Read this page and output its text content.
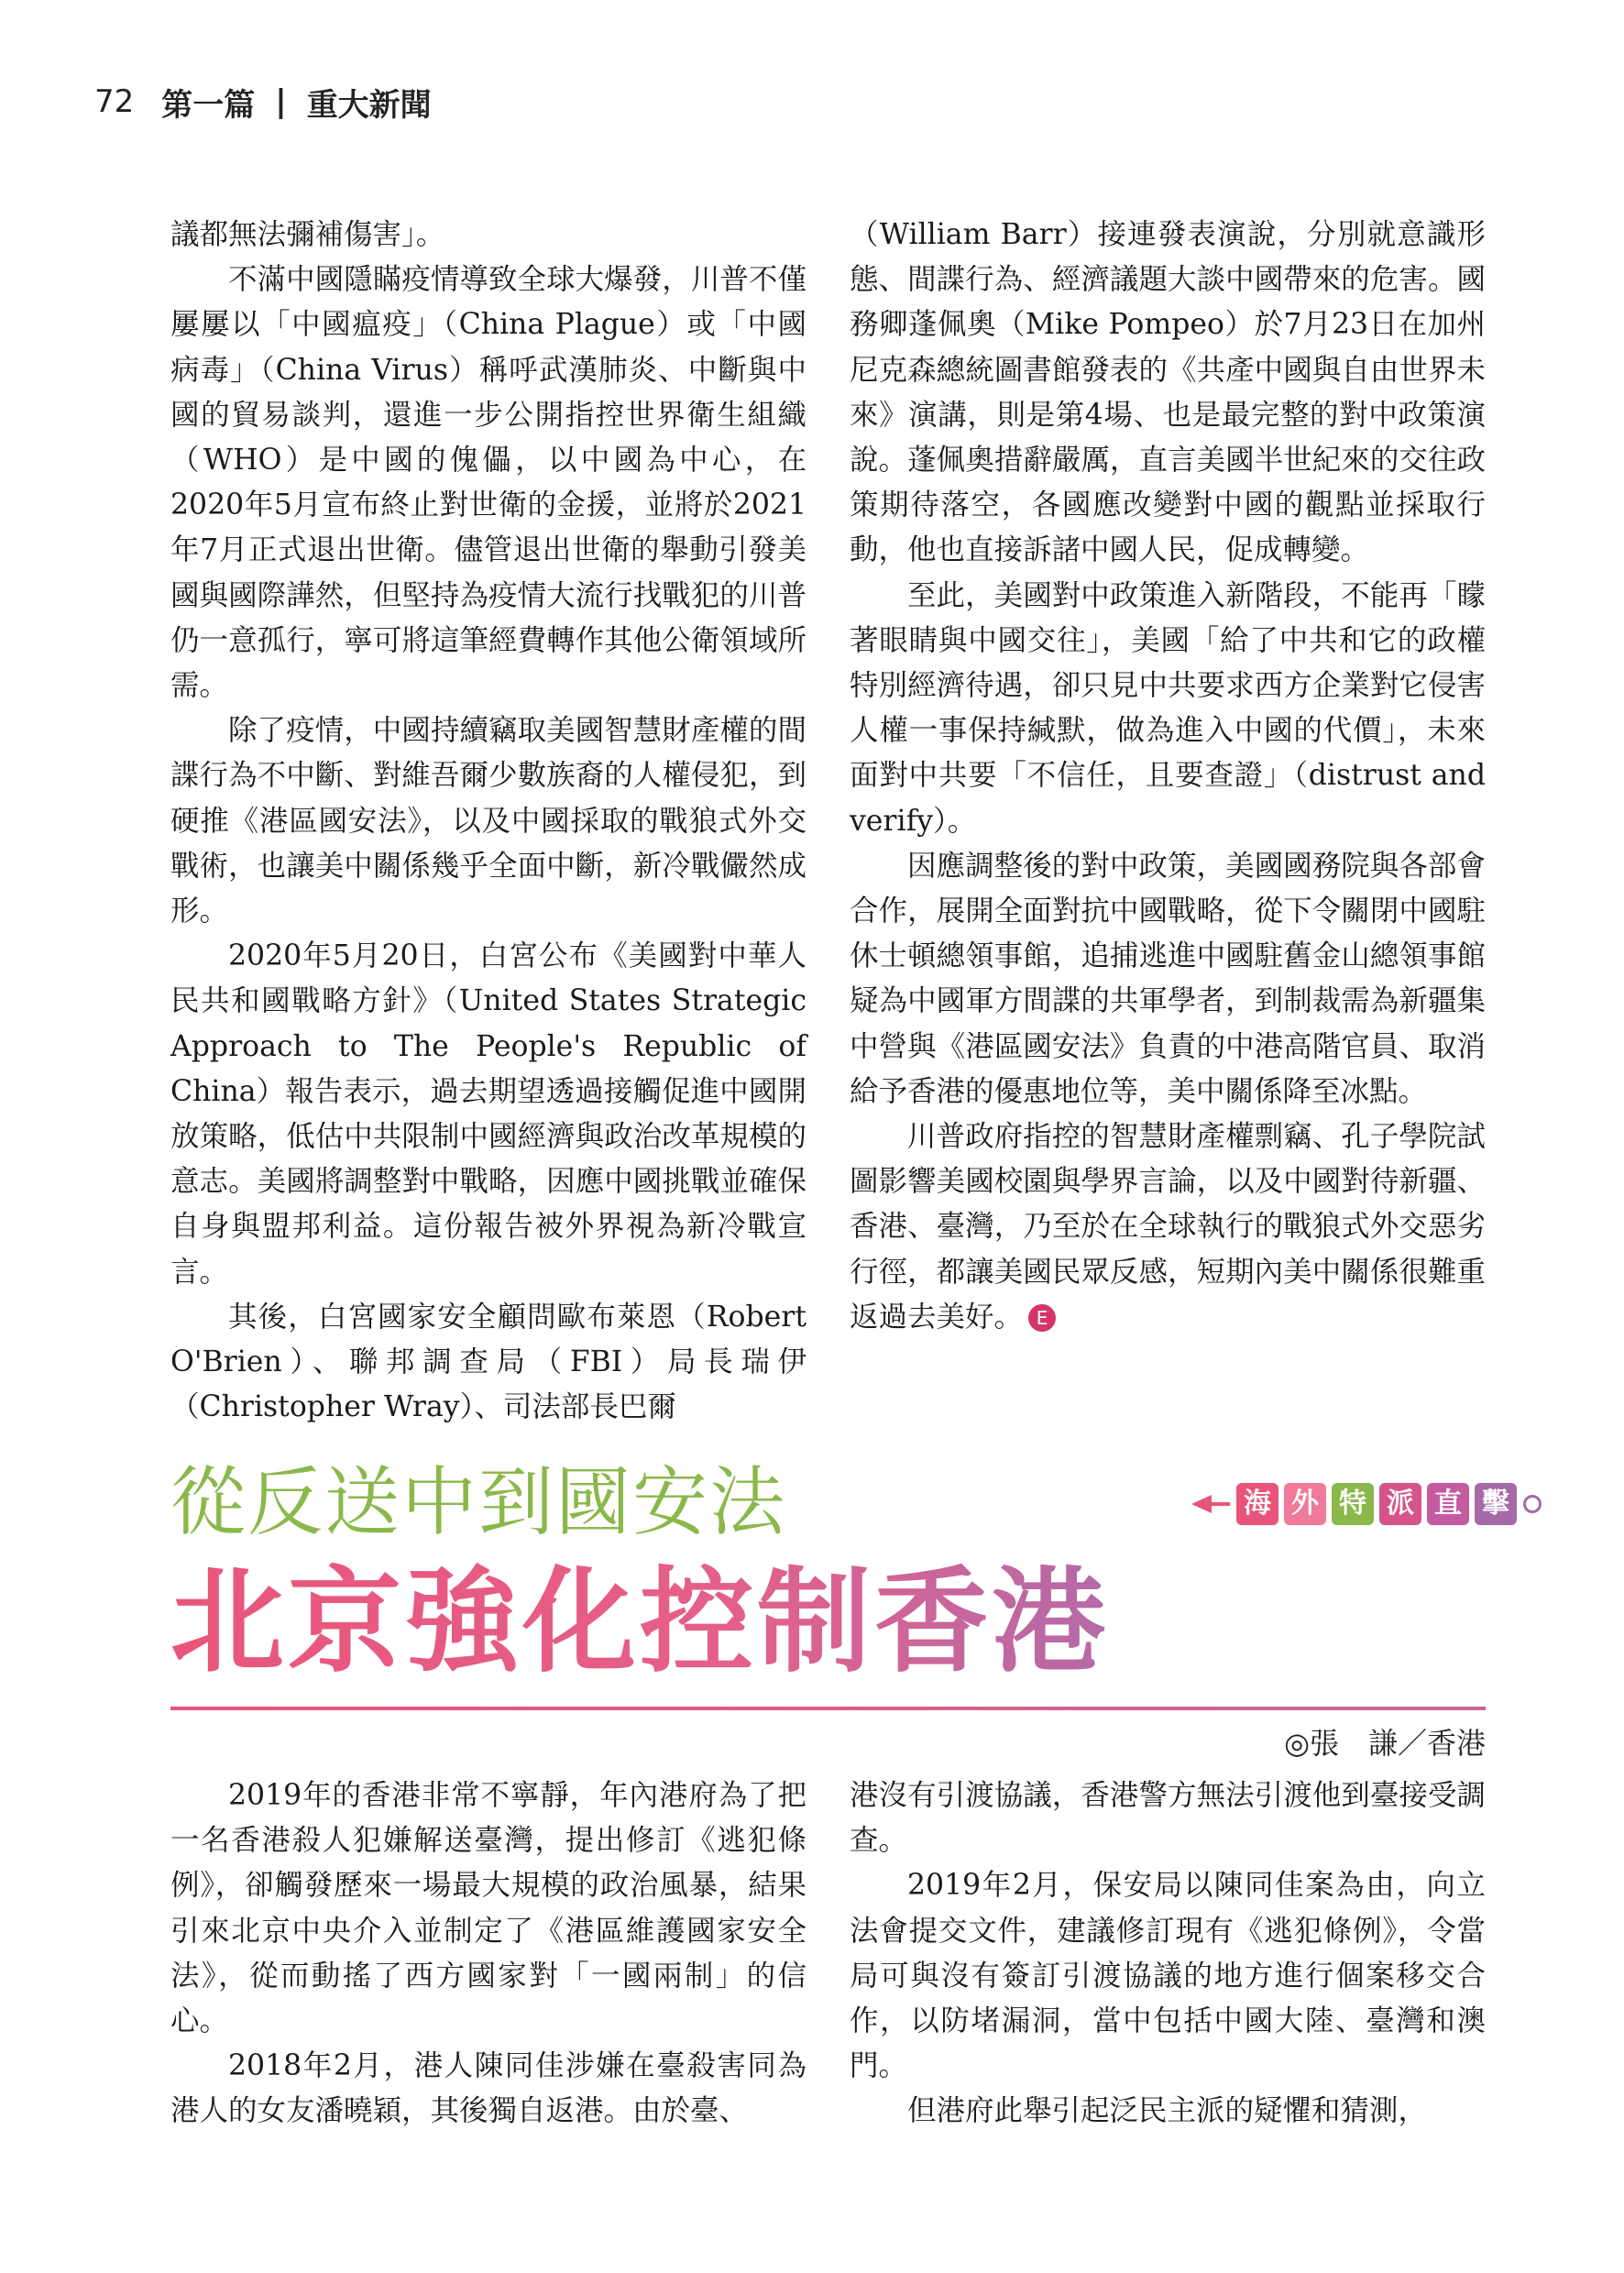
72 第一篇 | 重大新聞

議都無法彌補傷害」。

不滿中國隱瞞疫情導致全球大爆發，川普不僅屢屢以「中國瘟疫」（China Plague）或「中國病毒」（China Virus）稱呼武漢肺炎、中斷與中國的貿易談判，還進一步公開指控世界衛生組織（WHO）是中國的傀儡，以中國為中心，在2020年5月宣布終止對世衛的金援，並將於2021年7月正式退出世衛。儘管退出世衛的舉動引發美國與國際譁然，但堅持為疫情大流行找戰犯的川普仍一意孤行，寧可將這筆經費轉作其他公衛領域所需。

除了疫情，中國持續竊取美國智慧財產權的間諜行為不中斷、對維吾爾少數族裔的人權侵犯，到硬推《港區國安法》，以及中國採取的戰狼式外交戰術，也讓美中關係幾乎全面中斷，新冷戰儼然成形。

2020年5月20日，白宮公布《美國對中華人民共和國戰略方針》（United States Strategic Approach to The People's Republic of China）報告表示，過去期望透過接觸促進中國開放策略，低估中共限制中國經濟與政治改革規模的意志。美國將調整對中戰略，因應中國挑戰並確保自身與盟邦利益。這份報告被外界視為新冷戰宣言。

其後，白宮國家安全顧問歐布萊恩（Robert O'Brien）、聯邦調查局（FBI）局長瑞伊（Christopher Wray）、司法部長巴爾

（William Barr）接連發表演說，分別就意識形態、間諜行為、經濟議題大談中國帶來的危害。國務卿蓬佩奧（Mike Pompeo）於7月23日在加州尼克森總統圖書館發表的《共產中國與自由世界未來》演講，則是第4場、也是最完整的對中政策演說。蓬佩奧措辭嚴厲，直言美國半世紀來的交往政策期待落空，各國應改變對中國的觀點並採取行動，他也直接訴諸中國人民，促成轉變。

至此，美國對中政策進入新階段，不能再「矇著眼睛與中國交往」，美國「給了中共和它的政權特別經濟待遇，卻只見中共要求西方企業對它侵害人權一事保持緘默，做為進入中國的代價」，未來面對中共要「不信任，且要查證」（distrust and verify）。

因應調整後的對中政策，美國國務院與各部會合作，展開全面對抗中國戰略，從下令關閉中國駐休士頓總領事館，追捕逃進中國駐舊金山總領事館疑為中國軍方間諜的共軍學者，到制裁需為新疆集中營與《港區國安法》負責的中港高階官員、取消給予香港的優惠地位等，美中關係降至冰點。

川普政府指控的智慧財產權剽竊、孔子學院試圖影響美國校園與學界言論，以及中國對待新疆、香港、臺灣，乃至於在全球執行的戰狼式外交惡劣行徑，都讓美國民眾反感，短期內美中關係很難重返過去美好。 E

從反送中到國安法
北京強化控制香港
海 外 特 派 直 擊
◎張　謙／香港

2019年的香港非常不寧靜，年內港府為了把一名香港殺人犯嫌解送臺灣，提出修訂《逃犯條例》，卻觸發歷來一場最大規模的政治風暴，結果引來北京中央介入並制定了《港區維護國家安全法》，從而動搖了西方國家對「一國兩制」的信心。

2018年2月，港人陳同佳涉嫌在臺殺害同為港人的女友潘曉穎，其後獨自返港。由於臺、

港沒有引渡協議，香港警方無法引渡他到臺接受調查。

2019年2月，保安局以陳同佳案為由，向立法會提交文件，建議修訂現有《逃犯條例》，令當局可與沒有簽訂引渡協議的地方進行個案移交合作，以防堵漏洞，當中包括中國大陸、臺灣和澳門。

但港府此舉引起泛民主派的疑懼和猜測，
